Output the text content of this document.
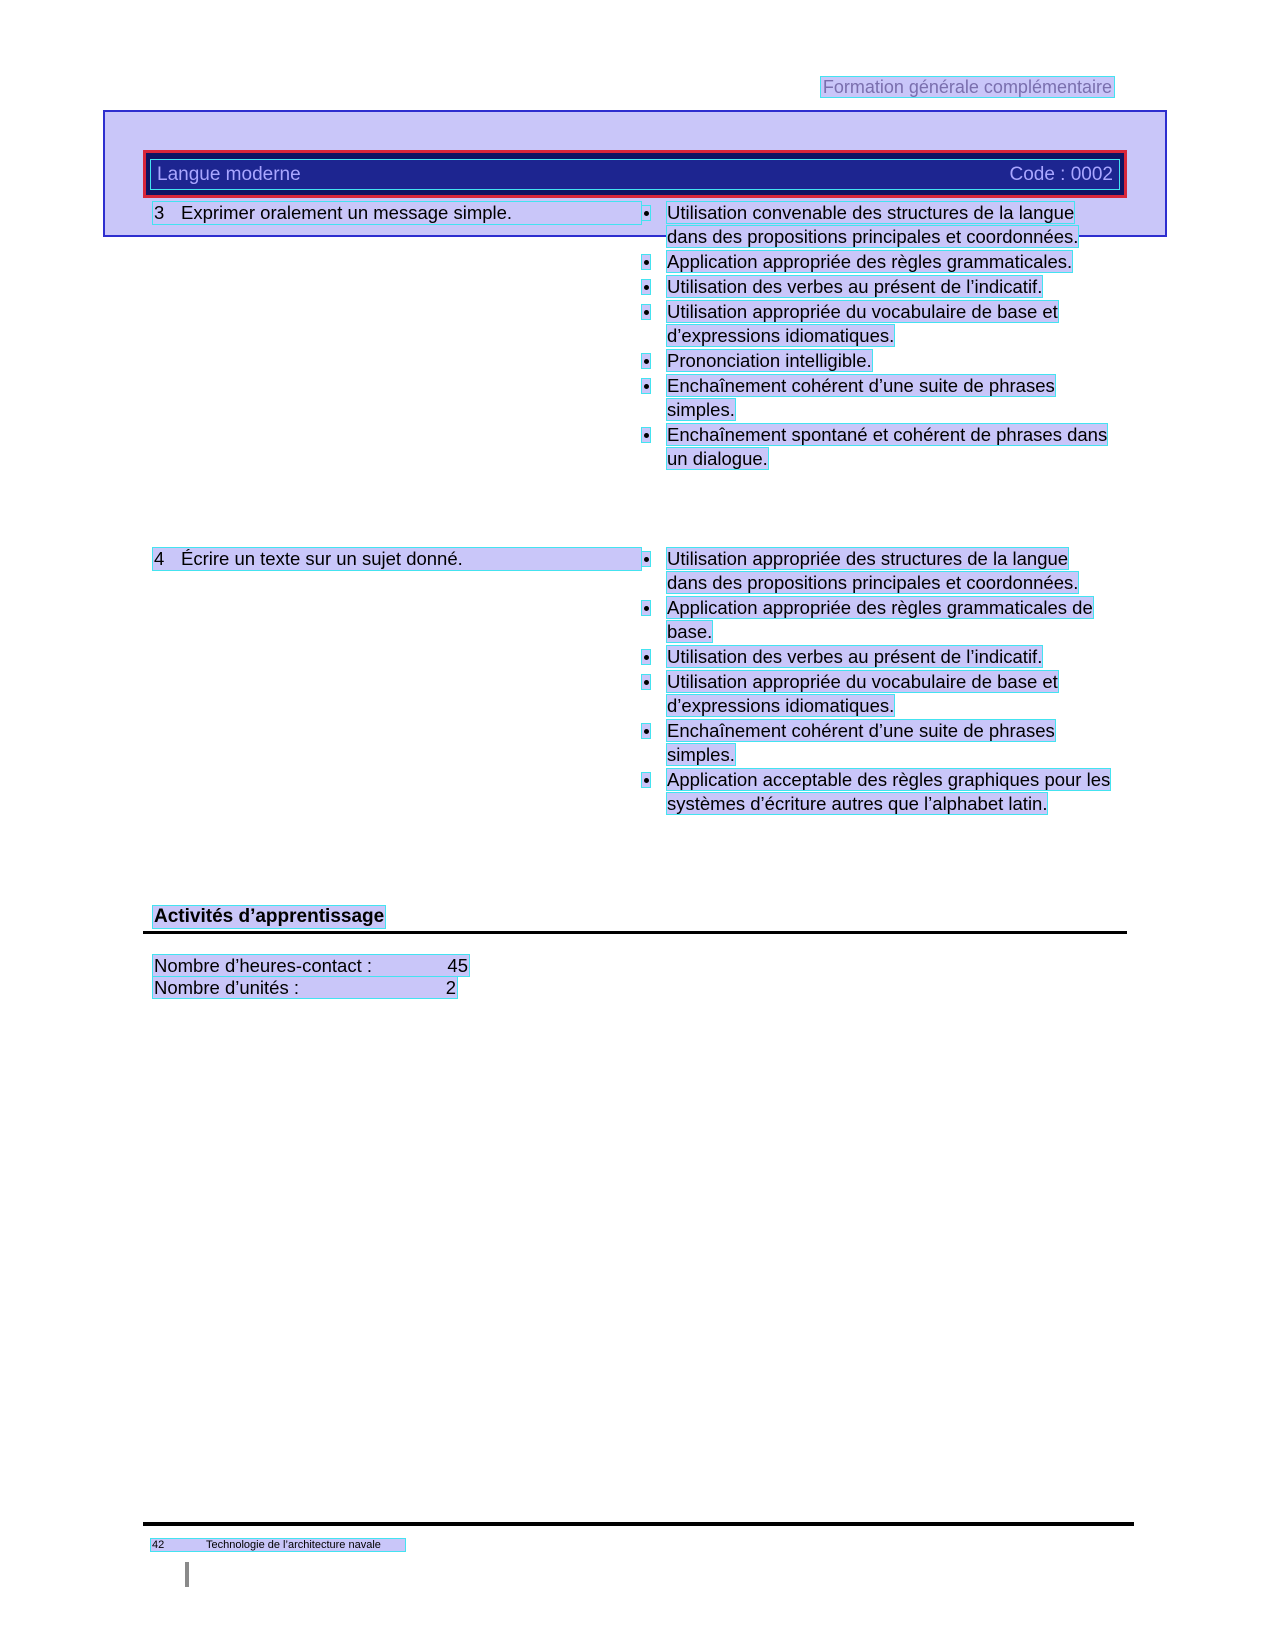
Formation générale complémentaire
Langue moderne	Code : 0002
3 Exprimer oralement un message simple.	Utilisation convenable des structures de la langue dans des propositions principales et coordonnées.
Application appropriée des règles grammaticales.
Utilisation des verbes au présent de l’indicatif.
Utilisation appropriée du vocabulaire de base et d’expressions idiomatiques.
Prononciation intelligible.
Enchaînement cohérent d’une suite de phrases simples.
Enchaînement spontané et cohérent de phrases dans un dialogue.
4 Écrire un texte sur un sujet donné.	Utilisation appropriée des structures de la langue dans des propositions principales et coordonnées.
Application appropriée des règles grammaticales de base.
Utilisation des verbes au présent de l’indicatif.
Utilisation appropriée du vocabulaire de base et d’expressions idiomatiques.
Enchaînement cohérent d’une suite de phrases simples.
Application acceptable des règles graphiques pour les systèmes d’écriture autres que l’alphabet latin.
Activités d’apprentissage
Nombre d’heures-contact :	45
Nombre d’unités :	2
42	Technologie de l’architecture navale
